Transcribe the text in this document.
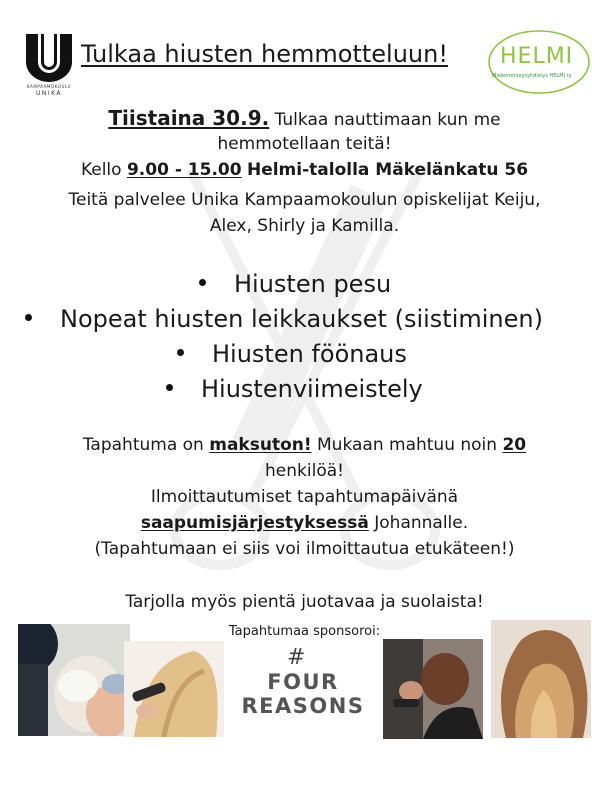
KAMPAAMOKOULU
UNIKA
Tulkaa hiusten hemmotteluun! HELMI
Mielenterveysyhdistys HELMI ry
Tiistaina 30.9. Tulkaa nauttimaan kun me
hemmotellaan teitä!
Kello 9.00 - 15.00 Helmi-talolla Mäkelänkatu 56
Teitä palvelee Unika Kampaamokoulun opiskelijat Keiju,
Alex, Shirly ja Kamilla.
Hiusten pesu
Nopeat hiusten leikkaukset (siistiminen)
Hiusten föönaus
Hiustenviimeistely
Tapahtuma on maksuton! Mukaan mahtuu noin 20
henkilöä!
Ilmoittautumiset tapahtumapäivänä
saapumisjärjestyksessä Johannalle.
(Tapahtumaan ei siis voi ilmoittautua etukäteen!)
Tarjolla myös pientä juotavaa ja suolaista!
Tapahtumaa sponsoroi:
#
FOUR
REASONS
